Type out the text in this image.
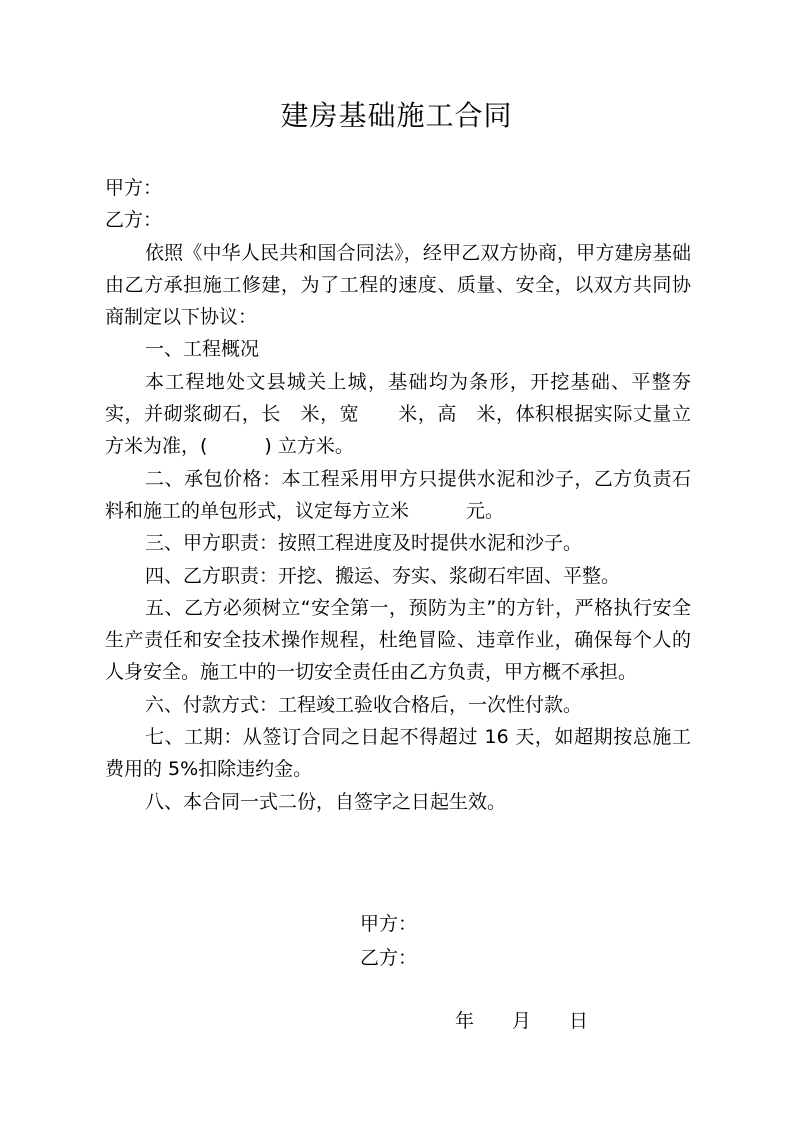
建房基础施工合同

甲方：

乙方：

依照《中华人民共和国合同法》，经甲乙双方协商，甲方建房基础由乙方承担施工修建，为了工程的速度、质量、安全，以双方共同协商制定以下协议：

一、工程概况

本工程地处文县城关上城，基础均为条形，开挖基础、平整夯实，并砌浆砌石，长　米，宽　　米，高　米，体积根据实际丈量立方米为准，(　　　) 立方米。

二、承包价格：本工程采用甲方只提供水泥和沙子，乙方负责石料和施工的单包形式，议定每方立米　　　元。

三、甲方职责：按照工程进度及时提供水泥和沙子。

四、乙方职责：开挖、搬运、夯实、浆砌石牢固、平整。

五、乙方必须树立“安全第一，预防为主”的方针，严格执行安全生产责任和安全技术操作规程，杜绝冒险、违章作业，确保每个人的人身安全。施工中的一切安全责任由乙方负责，甲方概不承担。

六、付款方式：工程竣工验收合格后，一次性付款。

七、工期：从签订合同之日起不得超过 16 天，如超期按总施工费用的 5%扣除违约金。

八、本合同一式二份，自签字之日起生效。

甲方：
乙方：
年　　月　　日
